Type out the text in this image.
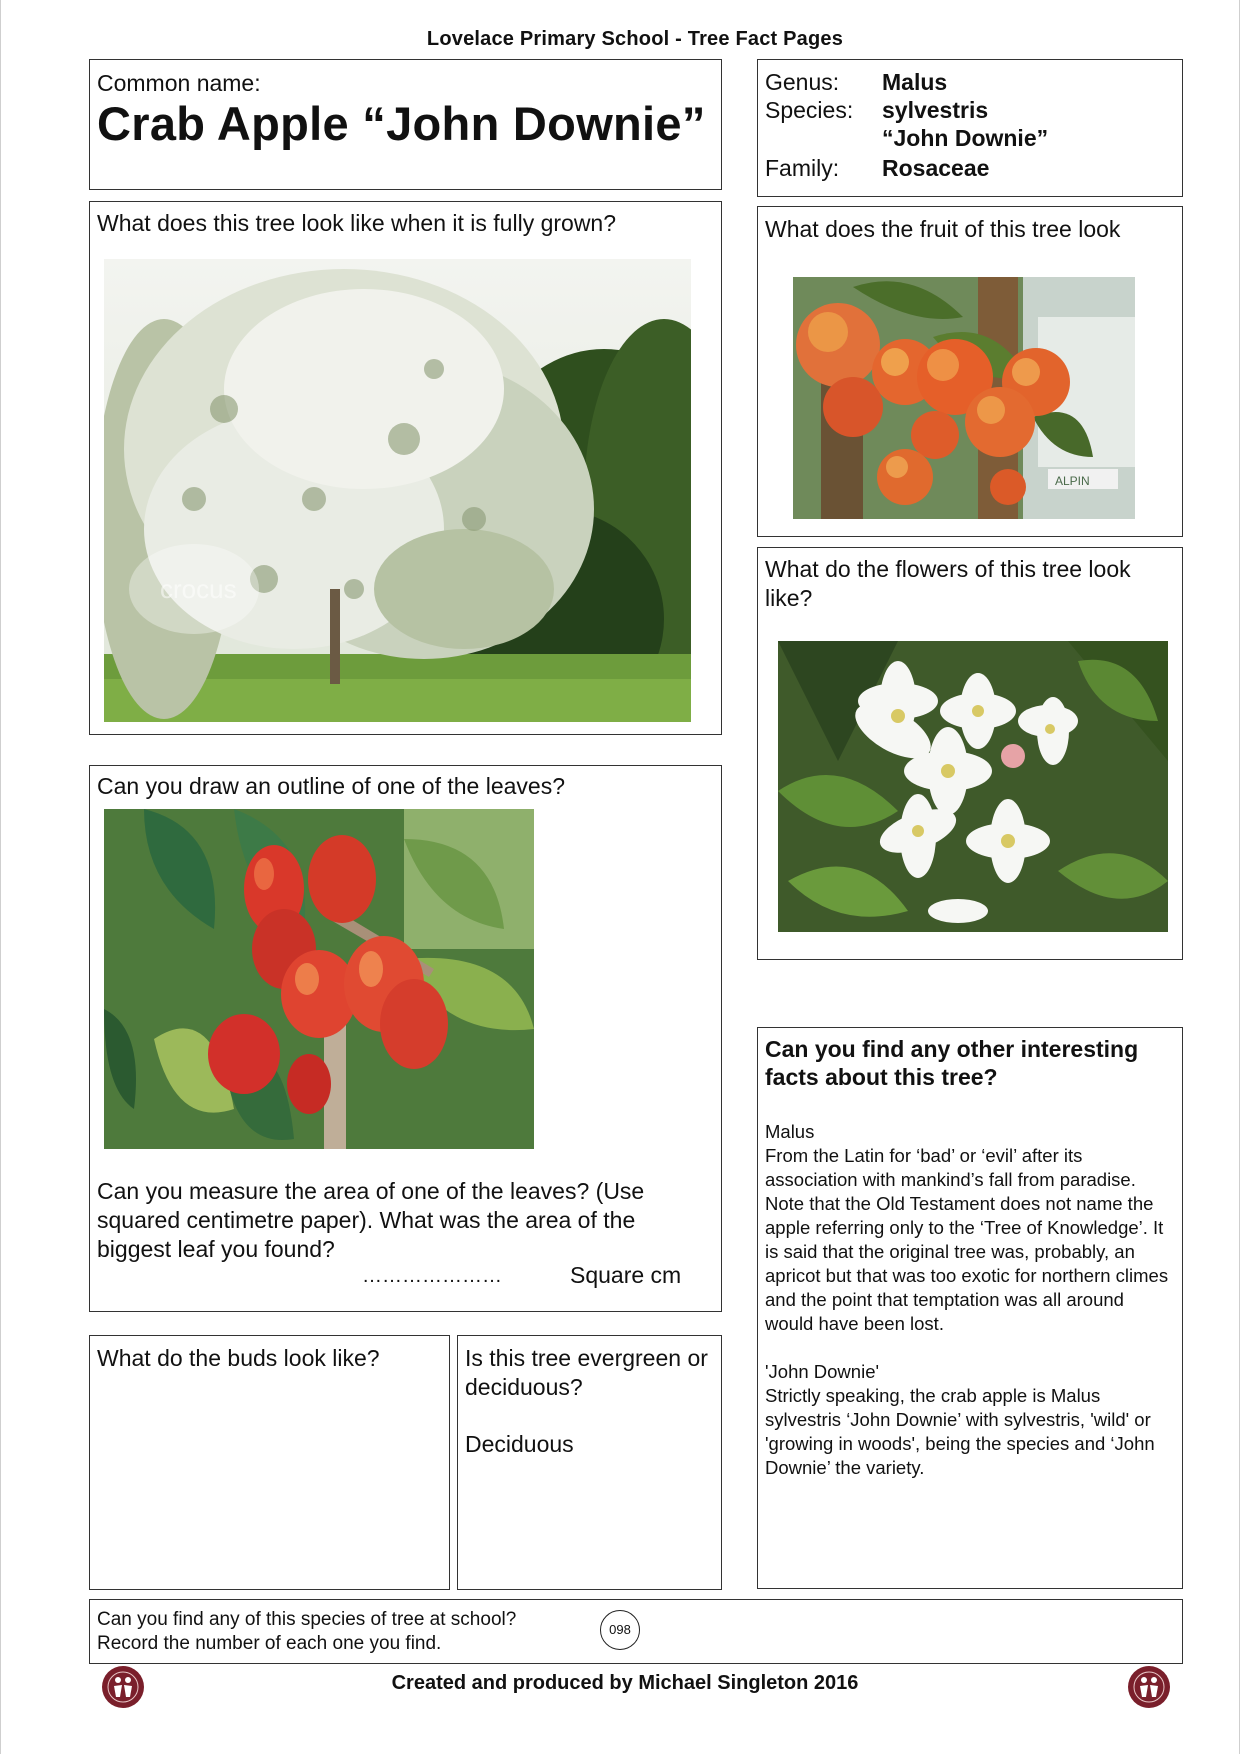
Lovelace Primary School - Tree Fact Pages
Common name:
Crab Apple “John Downie”
Genus: Malus
Species: sylvestris
“John Downie”
Family: Rosaceae
What does this tree look like when it is fully grown?
crocus
What does the fruit of this tree look
ALPIN
What do the flowers of this tree look like?
Can you draw an outline of one of the leaves?
Can you measure the area of one of the leaves? (Use squared centimetre paper). What was the area of the biggest leaf you found?
…………………	Square cm
What do the buds look like?	Is this tree evergreen or deciduous?
Deciduous
Can you find any other interesting facts about this tree?
Malus

From the Latin for ‘bad’ or ‘evil’ after its association with mankind’s fall from paradise. Note that the Old Testament does not name the apple referring only to the ‘Tree of Knowledge’. It is said that the original tree was, probably, an apricot but that was too exotic for northern climes and the point that temptation was all around would have been lost.

'John Downie'

Strictly speaking, the crab apple is Malus sylvestris ‘John Downie’ with sylvestris, 'wild' or 'growing in woods', being the species and ‘John Downie’ the variety.

Can you find any of this species of tree at school?
Record the number of each one you find.
098
Created and produced by Michael Singleton 2016
